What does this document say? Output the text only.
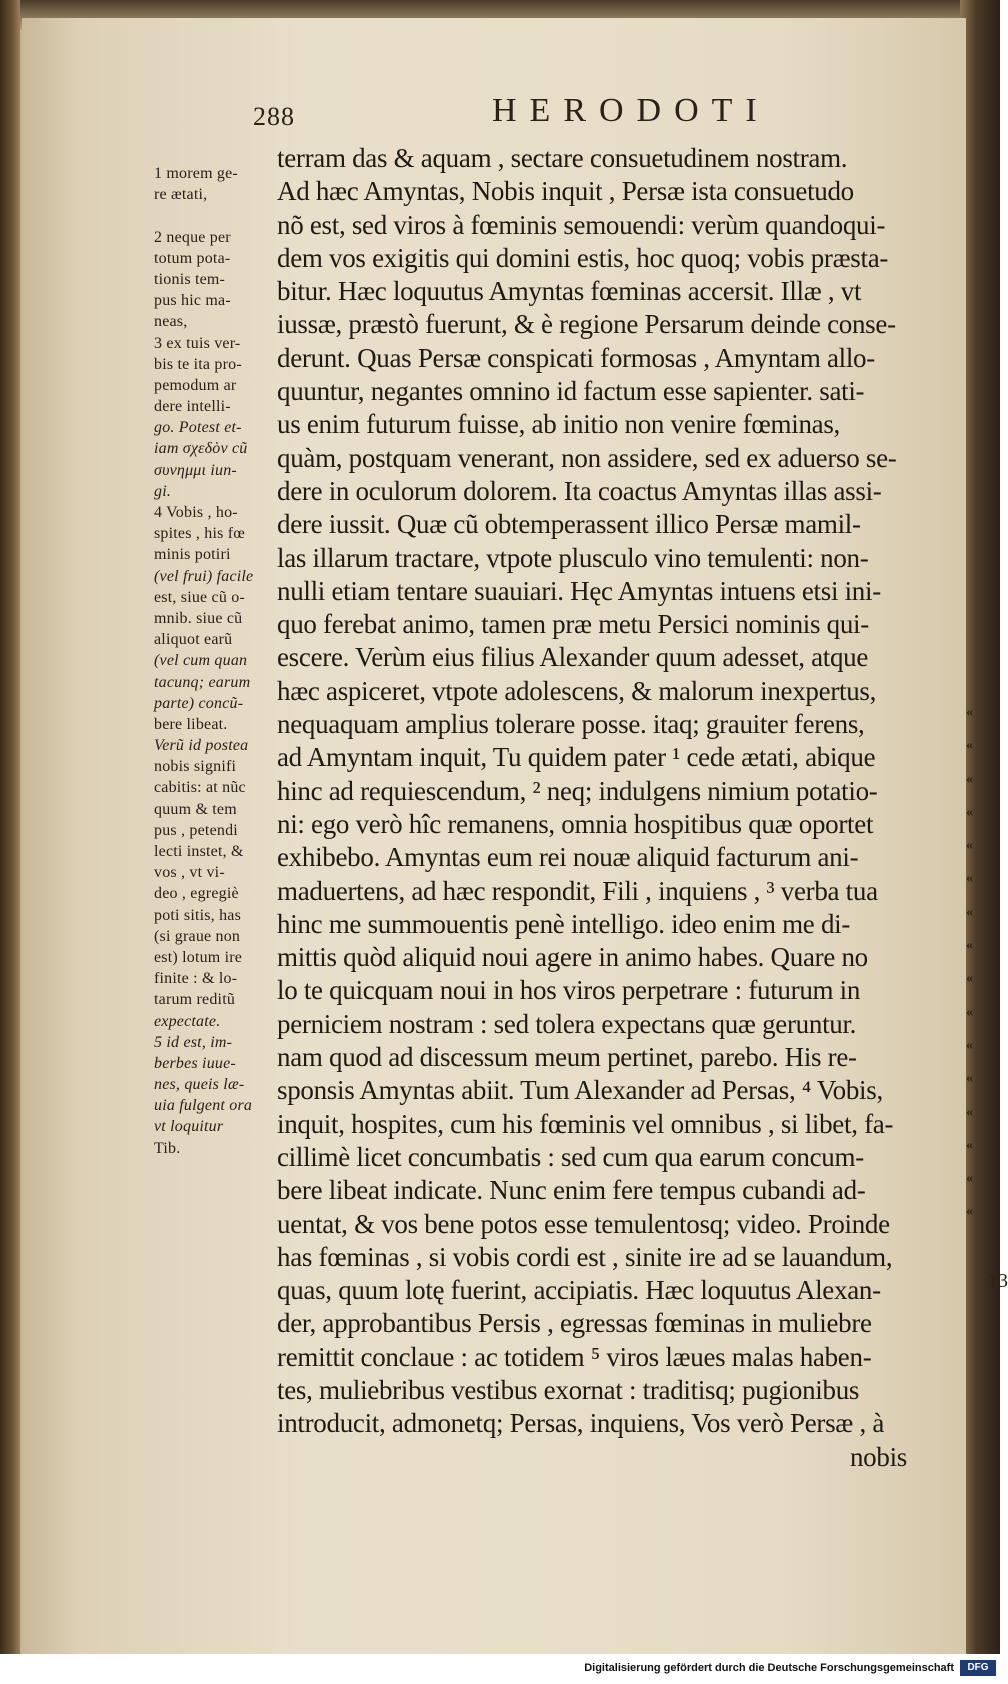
288	HERODOTI
1 morem ge-
re ætati,
2 neque per
totum pota-
tionis tem-
pus hic ma-
neas,
3 ex tuis ver-
bis te ita pro-
pemodum ar
dere intelli-
go. Potest et-
iam σχεδὸν cũ
συνημμι iun-
gi.
4 Vobis , ho-
spites , his fœ
minis potiri
(vel frui) facile
est, siue cũ o-
mnib. siue cũ
aliquot earũ
(vel cum quan
tacunq; earum
parte) concũ-
bere libeat.
Verũ id postea
nobis signifi
cabitis: at nũc
quum & tem
pus , petendi
lecti instet, &
vos , vt vi-
deo , egregiè
poti sitis, has
(si graue non
est) lotum ire
finite : & lo-
tarum reditũ
expectate.
5 id est, im-
berbes iuue-
nes, queis læ-
uia fulgent ora
vt loquitur
Tib.
terram das & aquam , sectare consuetudinem nostram.
Ad hæc Amyntas, Nobis inquit , Persæ ista consuetudo
nõ est, sed viros à fœminis semouendi: verùm quandoqui-
dem vos exigitis qui domini estis, hoc quoq; vobis præsta-
bitur. Hæc loquutus Amyntas fœminas accersit. Illæ , vt
iussæ, præstò fuerunt, & è regione Persarum deinde conse-
derunt. Quas Persæ conspicati formosas , Amyntam allo-
quuntur, negantes omnino id factum esse sapienter. sati-
us enim futurum fuisse, ab initio non venire fœminas,
quàm, postquam venerant, non assidere, sed ex aduerso se-
dere in oculorum dolorem. Ita coactus Amyntas illas assi-
dere iussit. Quæ cũ obtemperassent illico Persæ mamil-
las illarum tractare, vtpote plusculo vino temulenti: non-
nulli etiam tentare suauiari. Hęc Amyntas intuens etsi ini-
quo ferebat animo, tamen præ metu Persici nominis qui-
escere. Verùm eius filius Alexander quum adesset, atque
hæc aspiceret, vtpote adolescens, & malorum inexpertus,
nequaquam amplius tolerare posse. itaq; grauiter ferens,
ad Amyntam inquit, Tu quidem pater ¹ cede ætati, abique
hinc ad requiescendum, ² neq; indulgens nimium potatio-
ni: ego verò hîc remanens, omnia hospitibus quæ oportet
exhibebo. Amyntas eum rei nouæ aliquid facturum ani-
maduertens, ad hæc respondit, Fili , inquiens , ³ verba tua
hinc me summouentis penè intelligo. ideo enim me di-
mittis quòd aliquid noui agere in animo habes. Quare no
lo te quicquam noui in hos viros perpetrare : futurum in
perniciem nostram : sed tolera expectans quæ geruntur.
nam quod ad discessum meum pertinet, parebo. His re-
sponsis Amyntas abiit. Tum Alexander ad Persas, ⁴ Vobis,
inquit, hospites, cum his fœminis vel omnibus , si libet, fa-
cillimè licet concumbatis : sed cum qua earum concum-
bere libeat indicate. Nunc enim fere tempus cubandi ad-
uentat, & vos bene potos esse temulentosq; video. Proinde
has fœminas , si vobis cordi est , sinite ire ad se lauandum,
quas, quum lotę fuerint, accipiatis. Hæc loquutus Alexan-
der, approbantibus Persis , egressas fœminas in muliebre
remittit conclaue : ac totidem ⁵ viros læues malas haben-
tes, muliebribus vestibus exornat : traditisq; pugionibus
introducit, admonetq; Persas, inquiens, Vos verò Persæ , à
nobis
«
«
«
«
«
«
«
«
«
«
«
«
«
«
«
«
13
Digitalisierung gefördert durch die Deutsche Forschungsgemeinschaft	DFG
